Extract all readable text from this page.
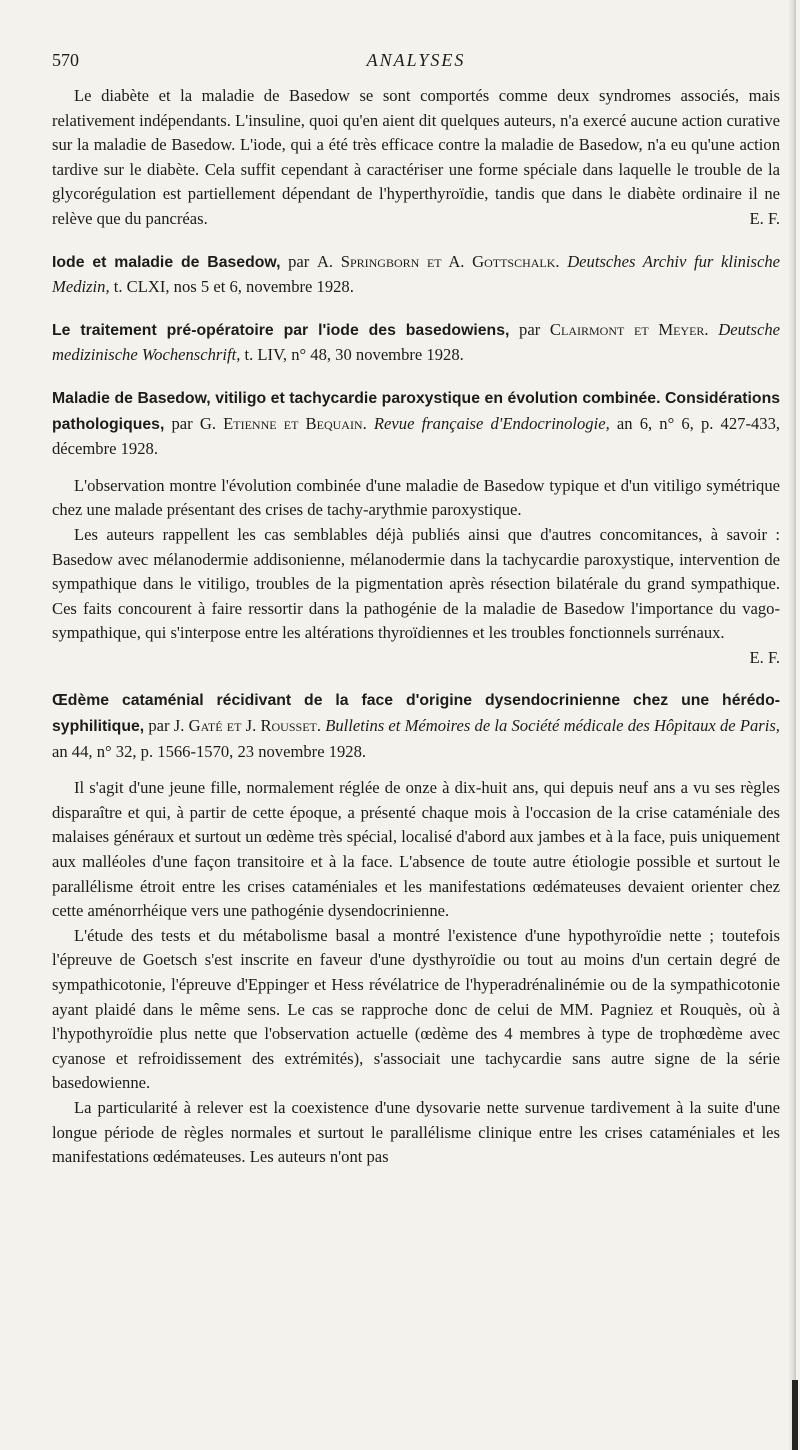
570	ANALYSES

Le diabète et la maladie de Basedow se sont comportés comme deux syndromes associés, mais relativement indépendants. L'insuline, quoi qu'en aient dit quelques auteurs, n'a exercé aucune action curative sur la maladie de Basedow. L'iode, qui a été très efficace contre la maladie de Basedow, n'a eu qu'une action tardive sur le diabète. Cela suffit cependant à caractériser une forme spéciale dans laquelle le trouble de la glycorégulation est partiellement dépendant de l'hyperthyroïdie, tandis que dans le diabète ordinaire il ne relève que du pancréas.	E. F.

Iode et maladie de Basedow, par A. Springborn et A. Gottschalk. Deutsches Archiv fur klinische Medizin, t. CLXI, nos 5 et 6, novembre 1928.

Le traitement pré-opératoire par l'iode des basedowiens, par Clairmont et Meyer. Deutsche medizinische Wochenschrift, t. LIV, n° 48, 30 novembre 1928.

Maladie de Basedow, vitiligo et tachycardie paroxystique en évolution combinée. Considérations pathologiques, par G. Etienne et Bequain. Revue française d'Endocrinologie, an 6, n° 6, p. 427-433, décembre 1928.

L'observation montre l'évolution combinée d'une maladie de Basedow typique et d'un vitiligo symétrique chez une malade présentant des crises de tachy-arythmie paroxystique.

Les auteurs rappellent les cas semblables déjà publiés ainsi que d'autres concomitances, à savoir : Basedow avec mélanodermie addisonienne, mélanodermie dans la tachycardie paroxystique, intervention de sympathique dans le vitiligo, troubles de la pigmentation après résection bilatérale du grand sympathique. Ces faits concourent à faire ressortir dans la pathogénie de la maladie de Basedow l'importance du vago-sympathique, qui s'interpose entre les altérations thyroïdiennes et les troubles fonctionnels surrénaux.
E. F.

Œdème cataménial récidivant de la face d'origine dysendocrinienne chez une hérédo-syphilitique, par J. Gaté et J. Rousset. Bulletins et Mémoires de la Société médicale des Hôpitaux de Paris, an 44, n° 32, p. 1566-1570, 23 novembre 1928.

Il s'agit d'une jeune fille, normalement réglée de onze à dix-huit ans, qui depuis neuf ans a vu ses règles disparaître et qui, à partir de cette époque, a présenté chaque mois à l'occasion de la crise cataméniale des malaises généraux et surtout un œdème très spécial, localisé d'abord aux jambes et à la face, puis uniquement aux malléoles d'une façon transitoire et à la face. L'absence de toute autre étiologie possible et surtout le parallélisme étroit entre les crises cataméniales et les manifestations œdémateuses devaient orienter chez cette aménorrhéique vers une pathogénie dysendocrinienne.

L'étude des tests et du métabolisme basal a montré l'existence d'une hypothyroïdie nette ; toutefois l'épreuve de Goetsch s'est inscrite en faveur d'une dysthyroïdie ou tout au moins d'un certain degré de sympathicotonie, l'épreuve d'Eppinger et Hess révélatrice de l'hyperadrénalinémie ou de la sympathicotonie ayant plaidé dans le même sens. Le cas se rapproche donc de celui de MM. Pagniez et Rouquès, où à l'hypothyroïdie plus nette que l'observation actuelle (œdème des 4 membres à type de trophœdème avec cyanose et refroidissement des extrémités), s'associait une tachycardie sans autre signe de la série basedowienne.

La particularité à relever est la coexistence d'une dysovarie nette survenue tardivement à la suite d'une longue période de règles normales et surtout le parallélisme clinique entre les crises cataméniales et les manifestations œdémateuses. Les auteurs n'ont pas
